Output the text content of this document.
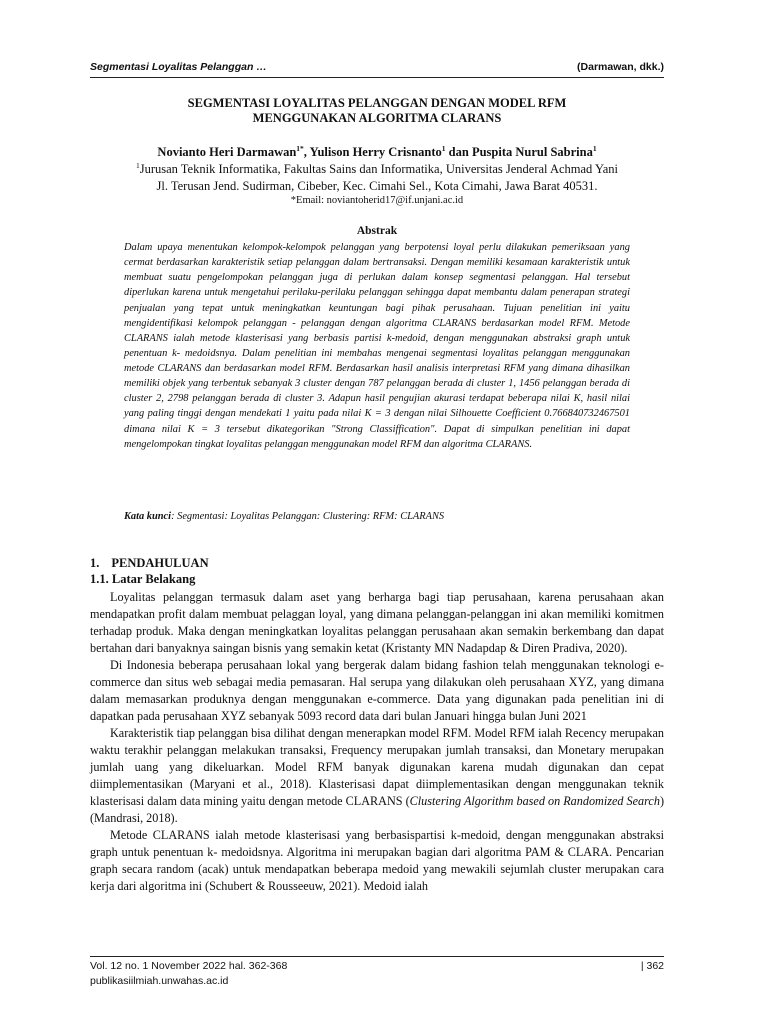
Segmentasi Loyalitas Pelanggan …	(Darmawan, dkk.)
SEGMENTASI LOYALITAS PELANGGAN DENGAN MODEL RFM
MENGGUNAKAN ALGORITMA CLARANS
Novianto Heri Darmawan$^{1*}$, Yulison Herry Crisnanto$^1$ dan Puspita Nurul Sabrina$^1$
$^1$Jurusan Teknik Informatika, Fakultas Sains dan Informatika, Universitas Jenderal Achmad Yani
Jl. Terusan Jend. Sudirman, Cibeber, Kec. Cimahi Sel., Kota Cimahi, Jawa Barat 40531.
*Email: noviantoherid17@if.unjani.ac.id
Abstrak
Dalam upaya menentukan kelompok-kelompok pelanggan yang berpotensi loyal perlu dilakukan pemeriksaan yang cermat berdasarkan karakteristik setiap pelanggan dalam bertransaksi. Dengan memiliki kesamaan karakteristik untuk membuat suatu pengelompokan pelanggan juga di perlukan dalam konsep segmentasi pelanggan. Hal tersebut diperlukan karena untuk mengetahui perilaku-perilaku pelanggan sehingga dapat membantu dalam penerapan strategi penjualan yang tepat untuk meningkatkan keuntungan bagi pihak perusahaan. Tujuan penelitian ini yaitu mengidentifikasi kelompok pelanggan - pelanggan dengan algoritma CLARANS berdasarkan model RFM. Metode CLARANS ialah metode klasterisasi yang berbasis partisi k-medoid, dengan menggunakan abstraksi graph untuk penentuan k- medoidsnya. Dalam penelitian ini membahas mengenai segmentasi loyalitas pelanggan menggunakan metode CLARANS dan berdasarkan model RFM. Berdasarkan hasil analisis interpretasi RFM yang dimana dihasilkan memiliki objek yang terbentuk sebanyak 3 cluster dengan 787 pelanggan berada di cluster 1, 1456 pelanggan berada di cluster 2, 2798 pelanggan berada di cluster 3. Adapun hasil pengujian akurasi terdapat beberapa nilai K, hasil nilai yang paling tinggi dengan mendekati 1 yaitu pada nilai K = 3 dengan nilai Silhouette Coefficient 0.766840732467501 dimana nilai K = 3 tersebut dikategorikan "Strong Classiffication". Dapat di simpulkan penelitian ini dapat mengelompokan tingkat loyalitas pelanggan menggunakan model RFM dan algoritma CLARANS.
Kata kunci: Segmentasi: Loyalitas Pelanggan: Clustering: RFM: CLARANS
1. PENDAHULUAN
1.1. Latar Belakang

Loyalitas pelanggan termasuk dalam aset yang berharga bagi tiap perusahaan, karena perusahaan akan mendapatkan profit dalam membuat pelaggan loyal, yang dimana pelanggan-pelanggan ini akan memiliki komitmen terhadap produk. Maka dengan meningkatkan loyalitas pelanggan perusahaan akan semakin berkembang dan dapat bertahan dari banyaknya saingan bisnis yang semakin ketat (Kristanty MN Nadapdap & Diren Pradiva, 2020).

Di Indonesia beberapa perusahaan lokal yang bergerak dalam bidang fashion telah menggunakan teknologi e-commerce dan situs web sebagai media pemasaran. Hal serupa yang dilakukan oleh perusahaan XYZ, yang dimana dalam memasarkan produknya dengan menggunakan e-commerce. Data yang digunakan pada penelitian ini di dapatkan pada perusahaan XYZ sebanyak 5093 record data dari bulan Januari hingga bulan Juni 2021

Karakteristik tiap pelanggan bisa dilihat dengan menerapkan model RFM. Model RFM ialah Recency merupakan waktu terakhir pelanggan melakukan transaksi, Frequency merupakan jumlah transaksi, dan Monetary merupakan jumlah uang yang dikeluarkan. Model RFM banyak digunakan karena mudah digunakan dan cepat diimplementasikan (Maryani et al., 2018). Klasterisasi dapat diimplementasikan dengan menggunakan teknik klasterisasi dalam data mining yaitu dengan metode CLARANS (Clustering Algorithm based on Randomized Search) (Mandrasi, 2018).

Metode CLARANS ialah metode klasterisasi yang berbasispartisi k-medoid, dengan menggunakan abstraksi graph untuk penentuan k- medoidsnya. Algoritma ini merupakan bagian dari algoritma PAM & CLARA. Pencarian graph secara random (acak) untuk mendapatkan beberapa medoid yang mewakili sejumlah cluster merupakan cara kerja dari algoritma ini (Schubert & Rousseeuw, 2021). Medoid ialah

Vol. 12 no. 1 November 2022 hal. 362-368	| 362
publikasiilmiah.unwahas.ac.id
